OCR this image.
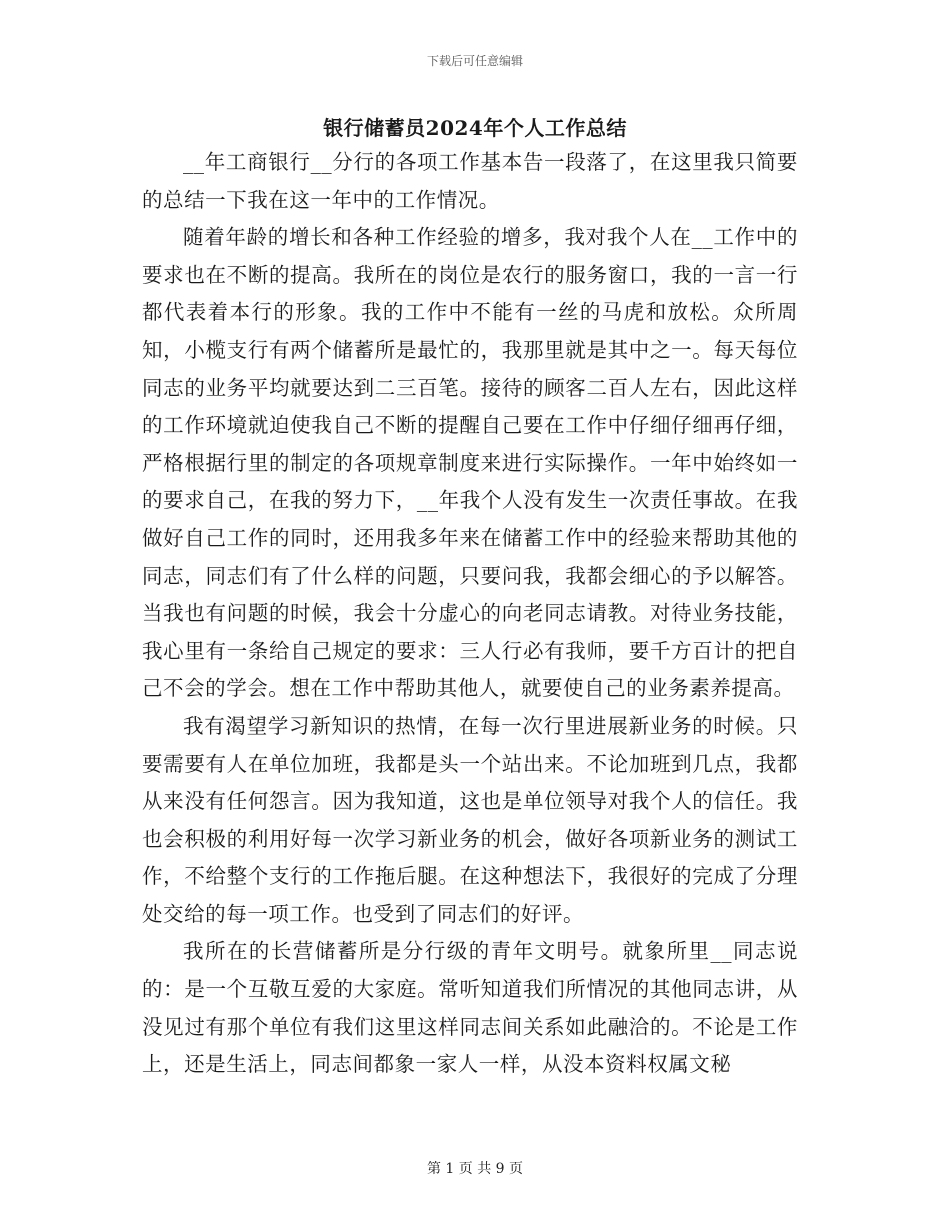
下载后可任意编辑
银行储蓄员2024年个人工作总结

__年工商银行__分行的各项工作基本告一段落了，在这里我只简要的总结一下我在这一年中的工作情况。

随着年龄的增长和各种工作经验的增多，我对我个人在__工作中的要求也在不断的提高。我所在的岗位是农行的服务窗口，我的一言一行都代表着本行的形象。我的工作中不能有一丝的马虎和放松。众所周知，小榄支行有两个储蓄所是最忙的，我那里就是其中之一。每天每位同志的业务平均就要达到二三百笔。接待的顾客二百人左右，因此这样的工作环境就迫使我自己不断的提醒自己要在工作中仔细仔细再仔细，严格根据行里的制定的各项规章制度来进行实际操作。一年中始终如一的要求自己，在我的努力下，__年我个人没有发生一次责任事故。在我做好自己工作的同时，还用我多年来在储蓄工作中的经验来帮助其他的同志，同志们有了什么样的问题，只要问我，我都会细心的予以解答。当我也有问题的时候，我会十分虚心的向老同志请教。对待业务技能，我心里有一条给自己规定的要求：三人行必有我师，要千方百计的把自己不会的学会。想在工作中帮助其他人，就要使自己的业务素养提高。

我有渴望学习新知识的热情，在每一次行里进展新业务的时候。只要需要有人在单位加班，我都是头一个站出来。不论加班到几点，我都从来没有任何怨言。因为我知道，这也是单位领导对我个人的信任。我也会积极的利用好每一次学习新业务的机会，做好各项新业务的测试工作，不给整个支行的工作拖后腿。在这种想法下，我很好的完成了分理处交给的每一项工作。也受到了同志们的好评。

我所在的长营储蓄所是分行级的青年文明号。就象所里__同志说的：是一个互敬互爱的大家庭。常听知道我们所情况的其他同志讲，从没见过有那个单位有我们这里这样同志间关系如此融洽的。不论是工作上，还是生活上，同志间都象一家人一样，从没本资料权属文秘

第 1 页 共 9 页
